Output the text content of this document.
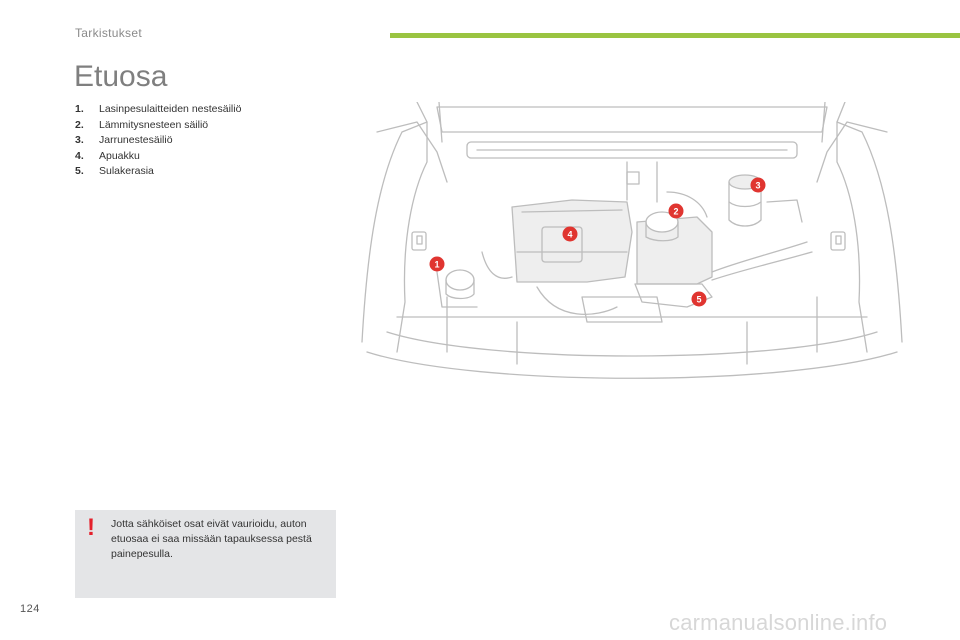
Tarkistukset
Etuosa
1. Lasinpesulaitteiden nestesäiliö
2. Lämmitysnesteen säiliö
3. Jarrunestesäiliö
4. Apuakku
5. Sulakerasia
1
2
3
4
5
! Jotta sähköiset osat eivät vaurioidu, auton etuosaa ei saa missään tapauksessa pestä painepesulla.
124
carmanualsonline.info
